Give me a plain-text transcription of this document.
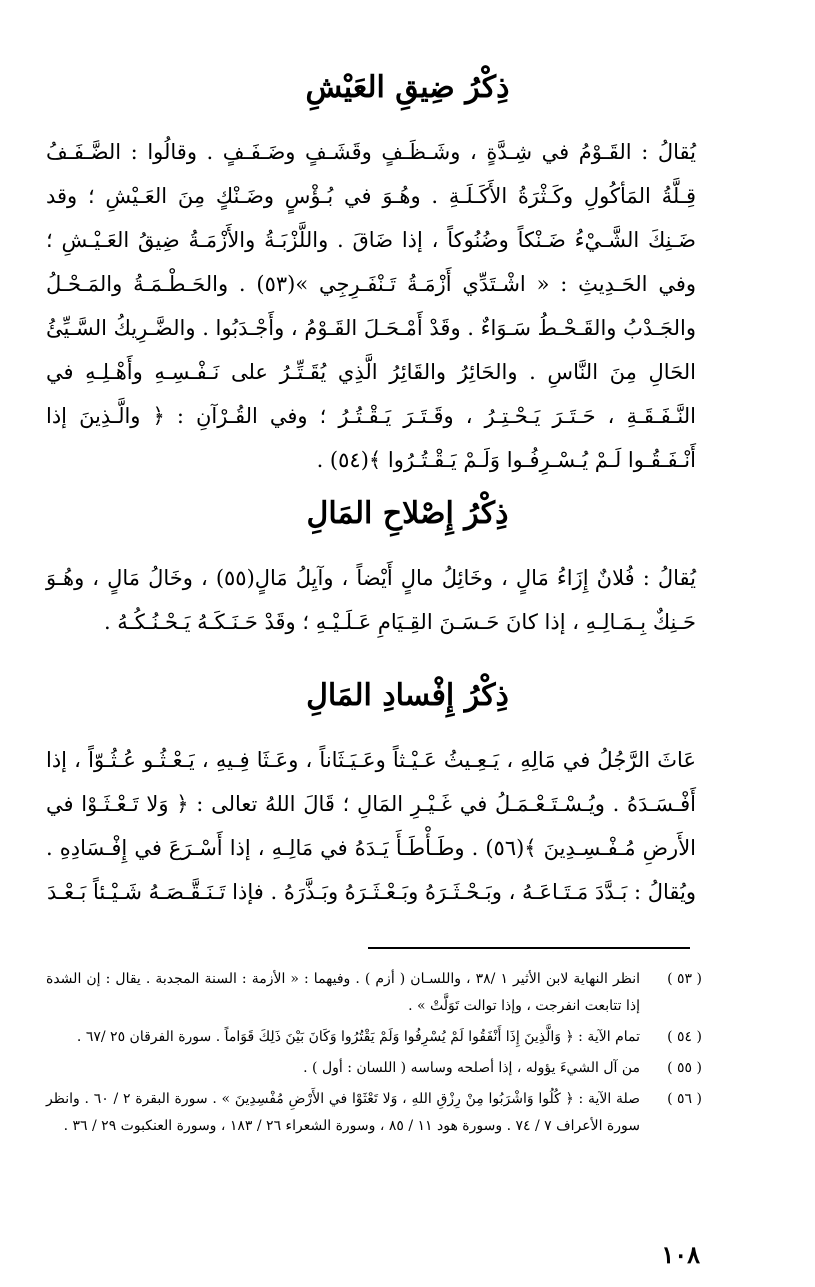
ذِكْرُ ضِيقِ العَيْشِ
يُقالُ : القَـوْمُ في شِـدَّةٍ ، وشَـظَـفٍ وقَشَـفٍ وضَـفَـفٍ . وقالُوا : الضَّـفَـفُ قِـلَّةُ المَأكُولِ وكَـثْرَةُ الأَكَـلَـةِ . وهُـوَ في بُـؤْسٍ وضَـنْكٍ مِنَ العَـيْشِ ؛ وقد ضَـنِكَ الشَّـيْءُ ضَـنْكاً وضُنُوكاً ، إذا ضَاقَ . واللَّزْبَـةُ والأَزْمَـةُ ضِيقُ العَـيْـشِ ؛ وفي الحَـدِيثِ : « اشْـتَدِّي أَزْمَـةُ تَـنْفَـرِجِي »(٥٣) . والحَـطْـمَـةُ والمَـحْـلُ والجَـدْبُ والقَـحْـطُ سَـوَاءٌ . وقَدْ أَمْـحَـلَ القَـوْمُ ، وأَجْـدَبُوا . والضَّـرِيكُ السَّـيِّئُ الحَالِ مِنَ النَّاسِ . والحَائِرُ والقَائِرُ الَّذِي يُقَـتِّـرُ على نَـفْـسِـهِ وأَهْـلِـهِ في النَّـفَـقَـةِ ، حَـتَـرَ يَـحْـتِـرُ ، وقَـتَـرَ يَـقْـتُـرُ ؛ وفي القُـرْآنِ : ﴿ والَّـذِينَ إذا أَنْـفَـقُـوا لَـمْ يُـسْـرِفُـوا وَلَـمْ يَـقْـتُـرُوا ﴾(٥٤) .
ذِكْرُ إِصْلاحِ المَالِ
يُقالُ : فُلانٌ إِزَاءُ مَالٍ ، وخَائِلُ مالٍ أَيْضاً ، وآيِلُ مَالٍ(٥٥) ، وخَالُ مَالٍ ، وهُـوَ حَـنِكٌ بِـمَـالِـهِ ، إذا كانَ حَـسَـنَ القِـيَامِ عَـلَـيْـهِ ؛ وقَدْ حَـنَـكَـهُ يَـحْـنُـكُـهُ .
ذِكْرُ إِفْسادِ المَالِ
عَاثَ الرَّجُلُ في مَالِهِ ، يَـعِـيثُ عَـيْـثاً وعَـيَـثَاناً ، وعَـثَا فِـيهِ ، يَـعْـثُـو عُـثُـوّاً ، إذا أَفْـسَـدَهُ . ويُـسْـتَـعْـمَـلُ في غَـيْـرِ المَالِ ؛ قَالَ اللهُ تعالى : ﴿ وَلا تَـعْـثَـوْا في الأَرضِ مُـفْـسِـدِينَ ﴾(٥٦) . وطَـأْطَـأَ يَـدَهُ في مَالِـهِ ، إذا أَسْـرَعَ في إِفْـسَادِهِ . ويُقالُ : بَـدَّدَ مَـتَـاعَـهُ ، وبَـحْـثَـرَهُ وبَـعْـثَـرَهُ وبَـذَّرَهُ . فإذا تَـنَـقَّـصَـهُ شَـيْـئاً بَـعْـدَ
( ٥٣ )
انظر النهاية لابن الأثير ١ /٣٨ ، واللسـان ( أزم ) . وفيهما : « الأزمة : السنة المجدبة . يقال : إن الشدة إذا تتابعت انفرجت ، وإذا توالت تَوَلَّتْ » .
( ٥٤ )
تمام الآية : ﴿ وَالَّذِينَ إِذَا أَنْفَقُوا لَمْ يُسْرِفُوا وَلَمْ يَقْتُرُوا وَكَانَ بَيْنَ ذَلِكَ قَوَاماً . سورة الفرقان ٢٥ /٦٧ .
( ٥٥ )
من آل الشيءَ يؤوله ، إذا أصلحه وساسه ( اللسان : أول ) .
( ٥٦ )
صلة الآية : ﴿ كُلُوا وَاشْرَبُوا مِنْ رِزْقِ اللهِ ، وَلا تَعْثَوْا في الأَرْضِ مُفْسِدِينَ » . سورة البقرة ٢ / ٦٠ . وانظر سورة الأعراف ٧ / ٧٤ . وسورة هود ١١ / ٨٥ ، وسورة الشعراء ٢٦ / ١٨٣ ، وسورة العنكبوت ٢٩ / ٣٦ .
١٠٨
